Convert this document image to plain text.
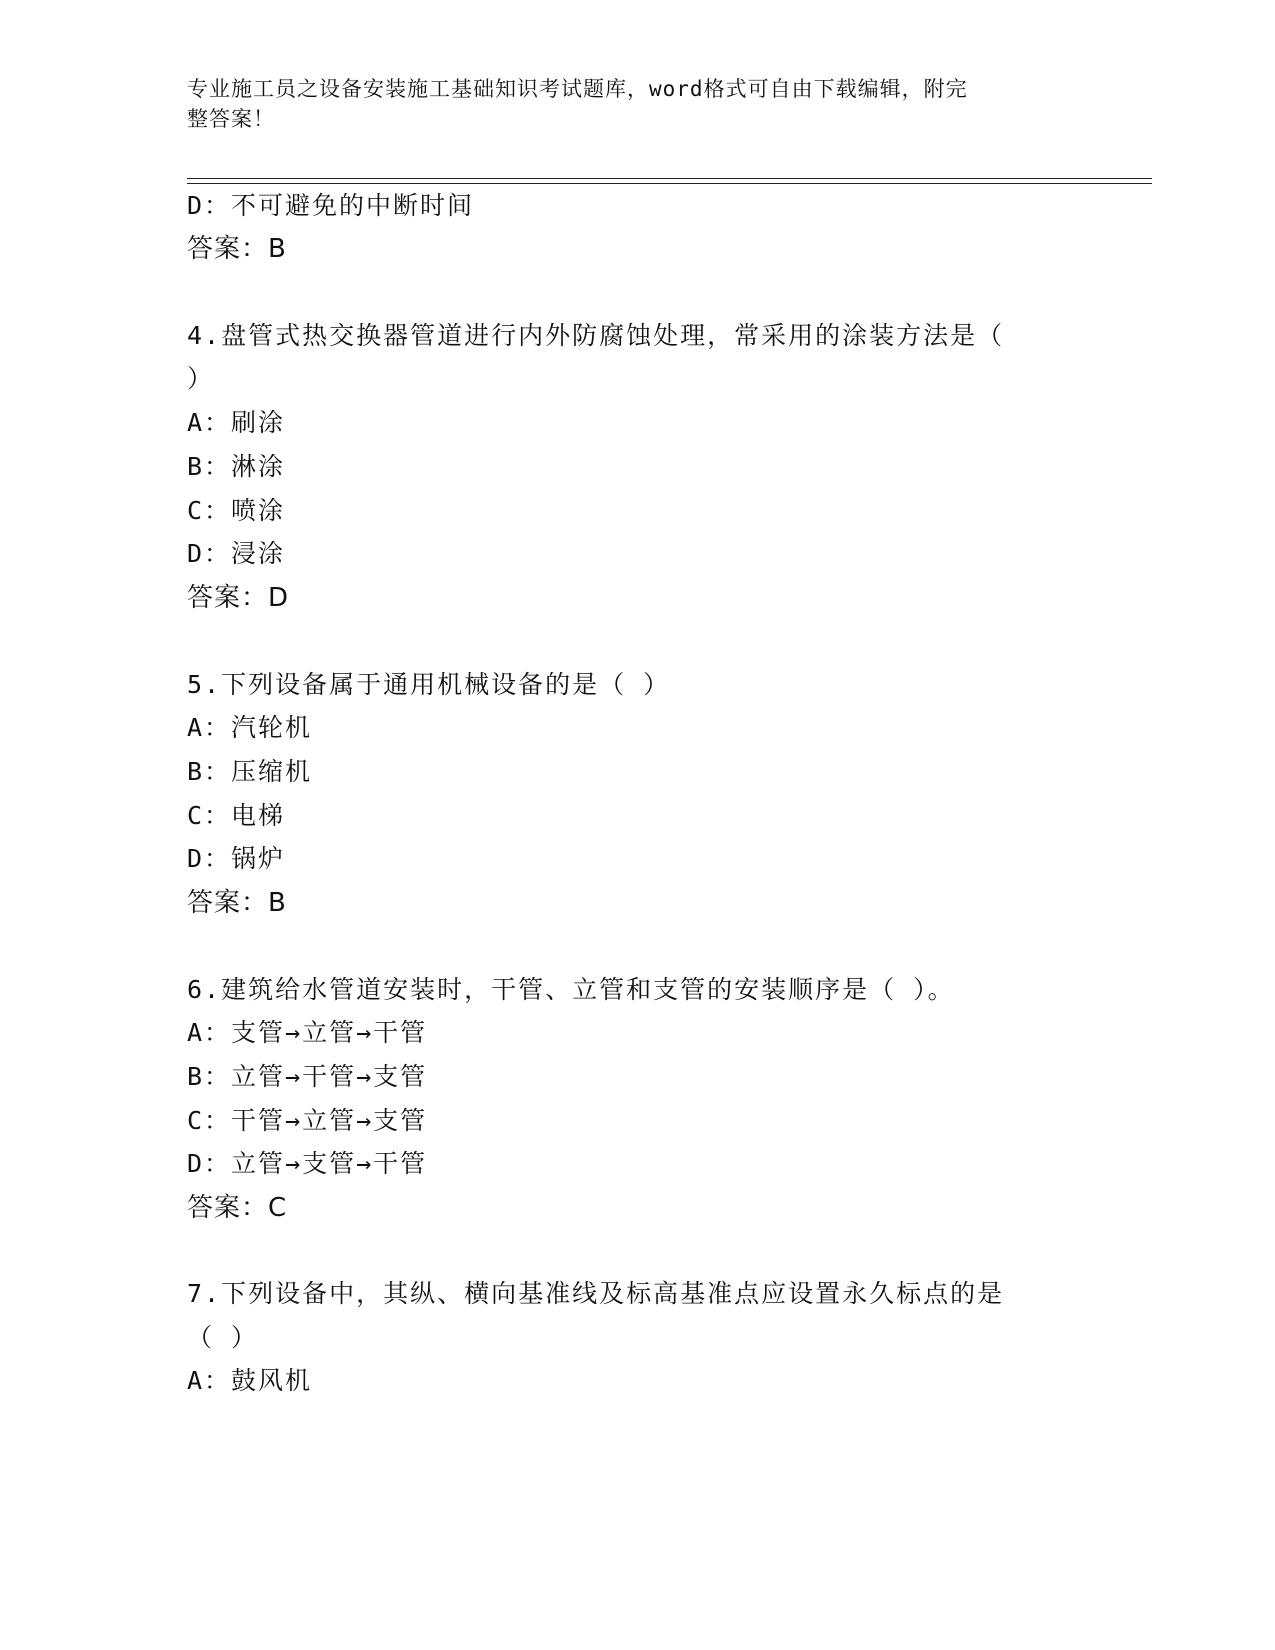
专业施工员之设备安装施工基础知识考试题库，word格式可自由下载编辑，附完
整答案！
D：不可避免的中断时间
答案：B
4.盘管式热交换器管道进行内外防腐蚀处理，常采用的涂装方法是（
）
A：刷涂
B：淋涂
C：喷涂
D：浸涂
答案：D
5.下列设备属于通用机械设备的是（ ）
A：汽轮机
B：压缩机
C：电梯
D：锅炉
答案：B
6.建筑给水管道安装时，干管、立管和支管的安装顺序是（ ）。
A：支管→立管→干管
B：立管→干管→支管
C：干管→立管→支管
D：立管→支管→干管
答案：C
7.下列设备中，其纵、横向基准线及标高基准点应设置永久标点的是
（ ）
A：鼓风机
